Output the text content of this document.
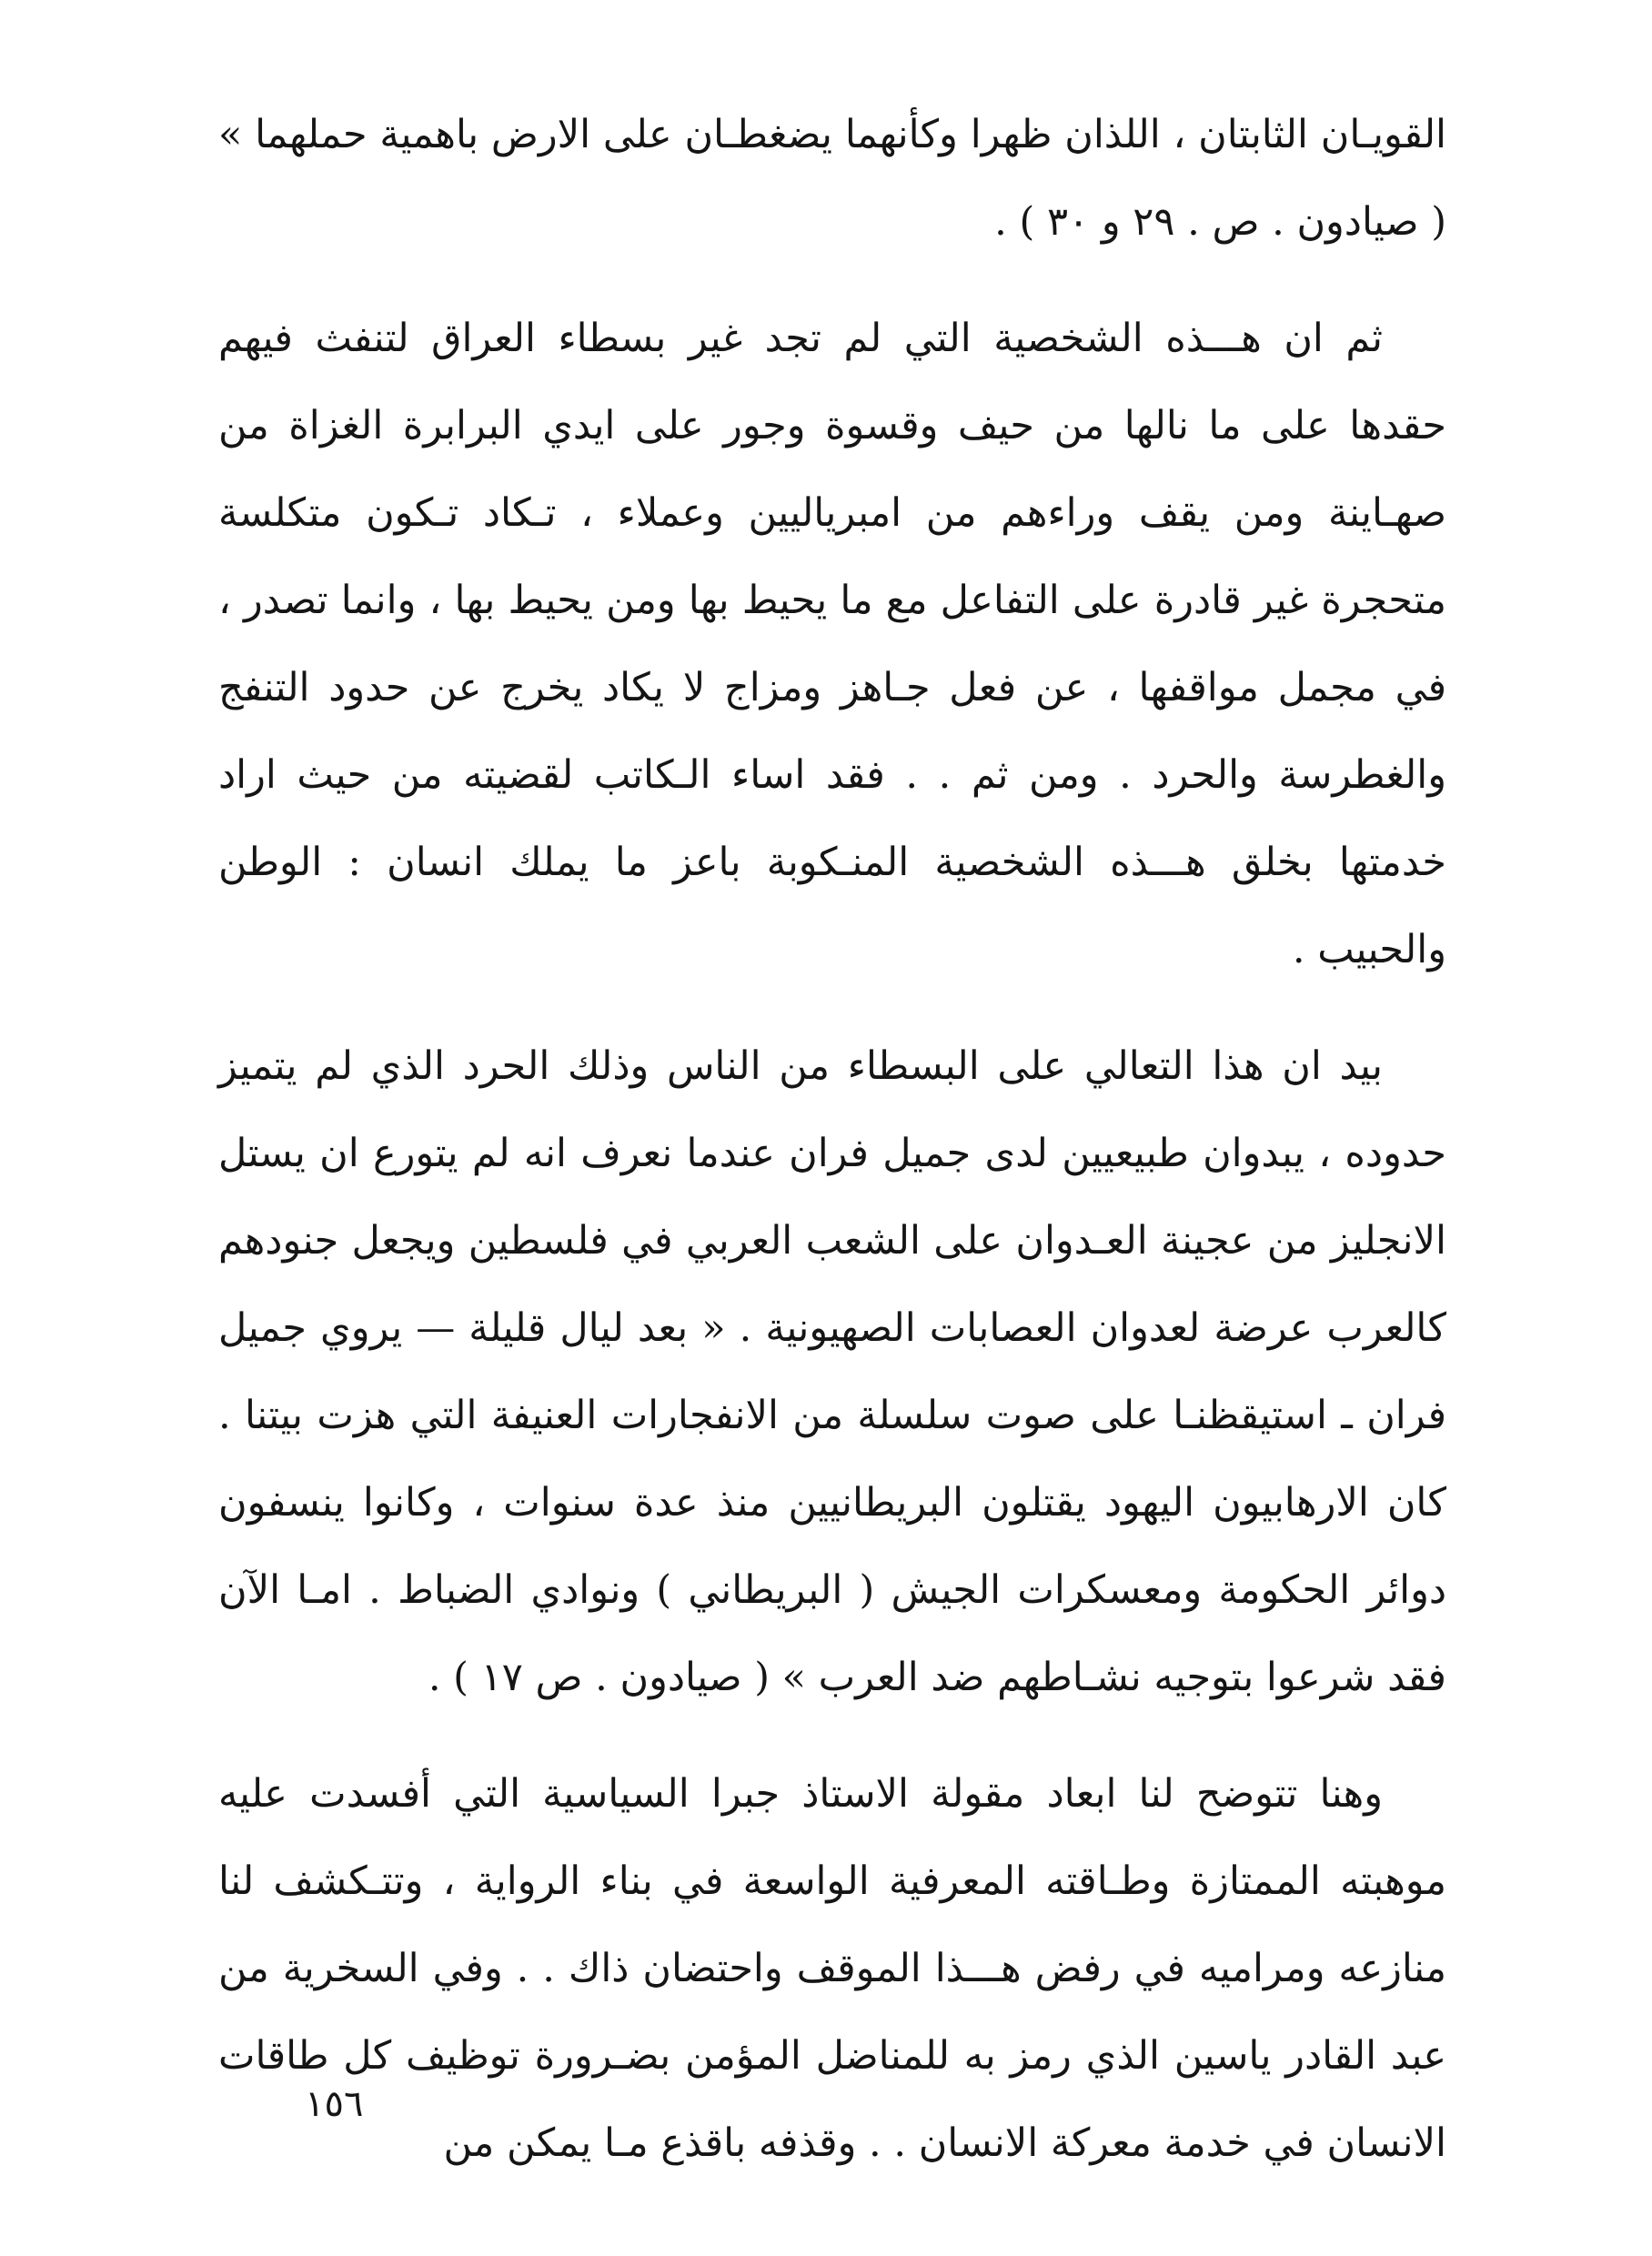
القويـان الثابتان ، اللذان ظهرا وكأنهما يضغطـان على الارض باهمية حملهما » ( صيادون . ص . ٢٩ و ٣٠ ) .

ثم ان هـــذه الشخصية التي لم تجد غير بسطاء العراق لتنفث فيهم حقدها على ما نالها من حيف وقسوة وجور على ايدي البرابرة الغزاة من صهـاينة ومن يقف وراءهم من امبرياليين وعملاء ، تـكاد تـكون متكلسة متحجرة غير قادرة على التفاعل مع ما يحيط بها ومن يحيط بها ، وانما تصدر ، في مجمل مواقفها ، عن فعل جـاهز ومزاج لا يكاد يخرج عن حدود التنفج والغطرسة والحرد . ومن ثم . . فقد اساء الـكاتب لقضيته من حيث اراد خدمتها بخلق هـــذه الشخصية المنـكوبة باعز ما يملك انسان : الوطن والحبيب .

بيد ان هذا التعالي على البسطاء من الناس وذلك الحرد الذي لم يتميز حدوده ، يبدوان طبيعيين لدى جميل فران عندما نعرف انه لم يتورع ان يستل الانجليز من عجينة العـدوان على الشعب العربي في فلسطين ويجعل جنودهم كالعرب عرضة لعدوان العصابات الصهيونية . « بعد ليال قليلة — يروي جميل فران ـ استيقظنـا على صوت سلسلة من الانفجارات العنيفة التي هزت بيتنا . كان الارهابيون اليهود يقتلون البريطانيين منذ عدة سنوات ، وكانوا ينسفون دوائر الحكومة ومعسكرات الجيش ( البريطاني ) ونوادي الضباط . امـا الآن فقد شرعوا بتوجيه نشـاطهم ضد العرب » ( صيادون . ص ١٧ ) .

وهنا تتوضح لنا ابعاد مقولة الاستاذ جبرا السياسية التي أفسدت عليه موهبته الممتازة وطـاقته المعرفية الواسعة في بناء الرواية ، وتتـكشف لنا منازعه ومراميه في رفض هـــذا الموقف واحتضان ذاك . . وفي السخرية من عبد القادر ياسين الذي رمز به للمناضل المؤمن بضـرورة توظيف كل طاقات الانسان في خدمة معركة الانسان . . وقذفه باقذع مـا يمكن من

١٥٦
